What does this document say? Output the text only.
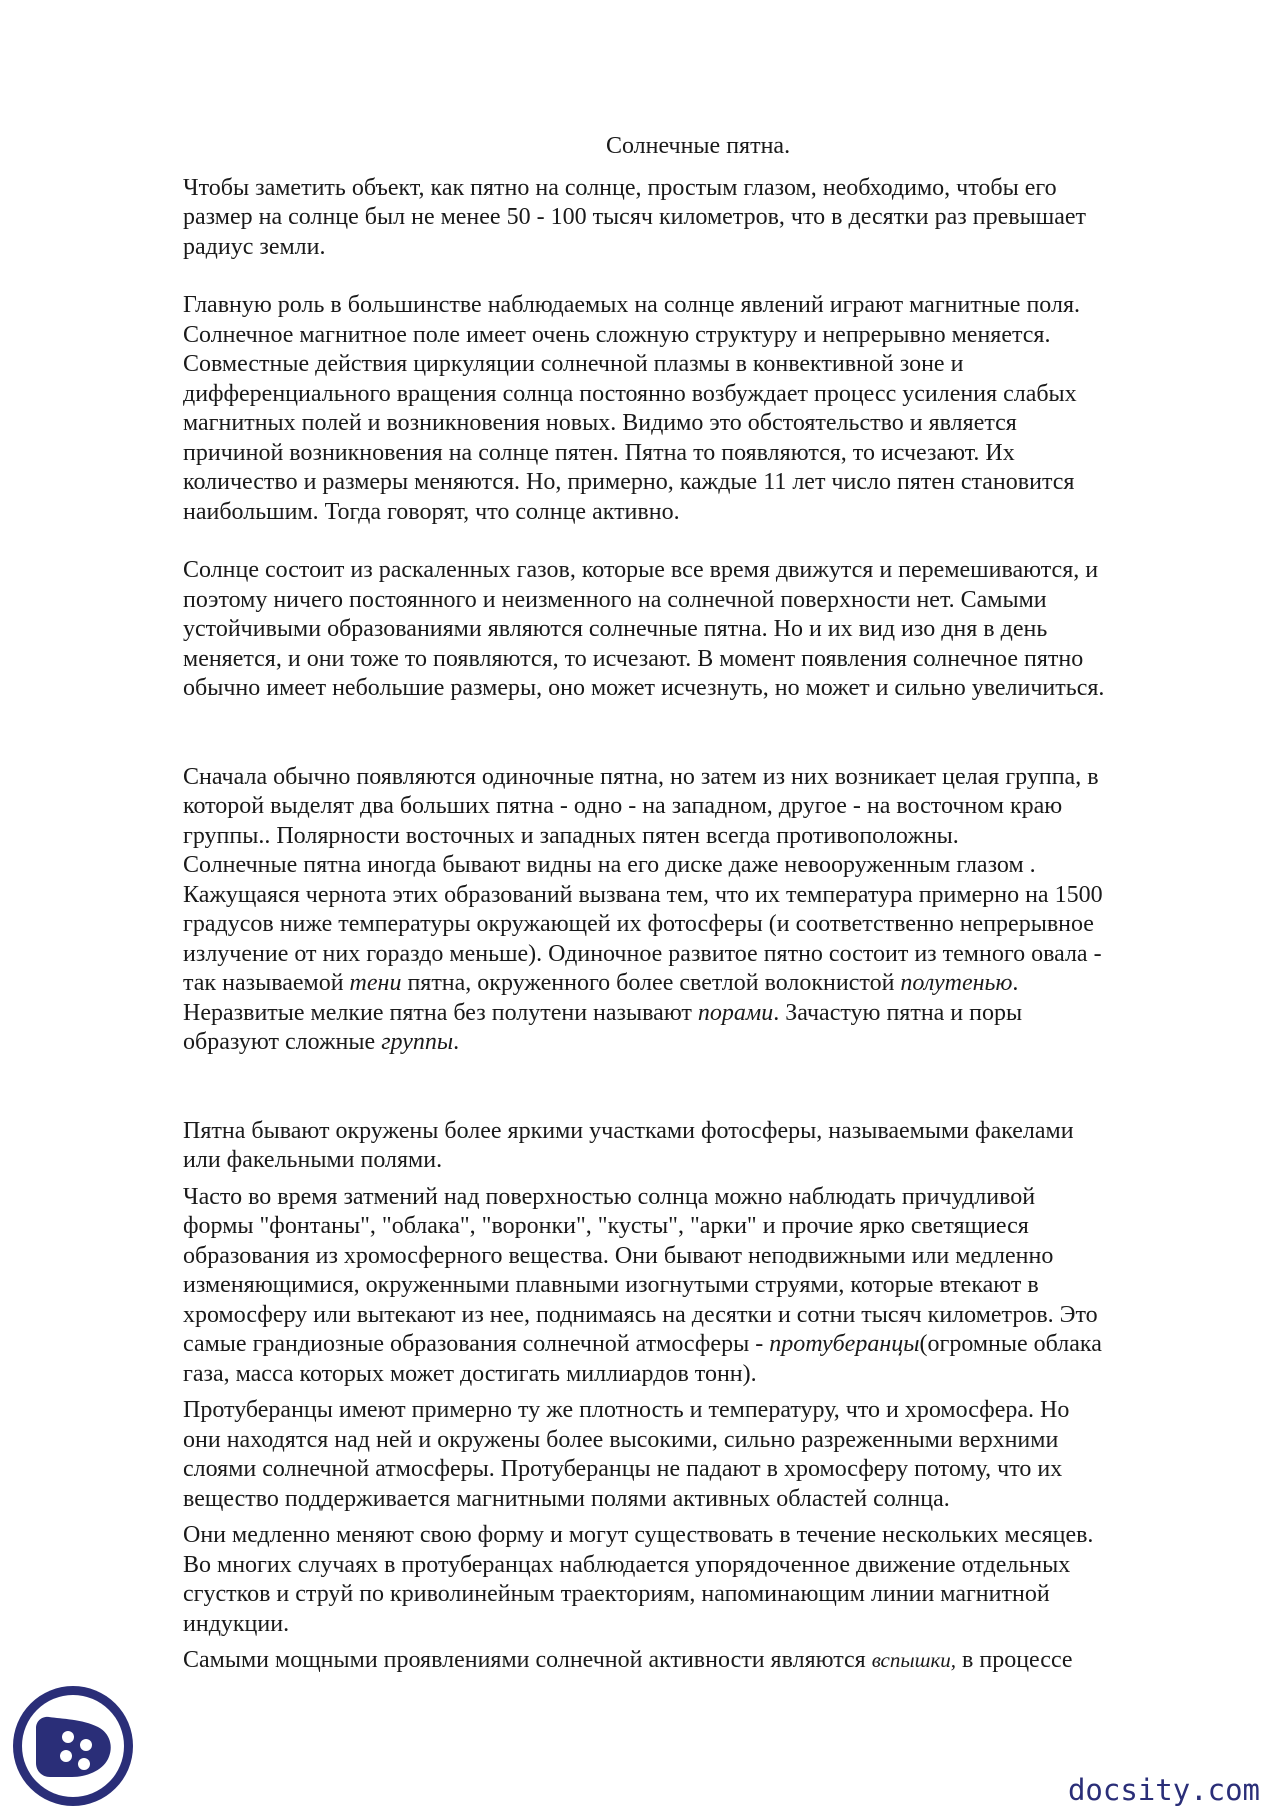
Солнечные пятна.

Чтобы заметить объект, как пятно на солнце, простым глазом, необходимо, чтобы его
размер на солнце был не менее 50 - 100 тысяч километров, что в десятки раз превышает
радиус земли.

Главную роль в большинстве наблюдаемых на солнце явлений играют магнитные поля.
Солнечное магнитное поле имеет очень сложную структуру и непрерывно меняется.
Совместные действия циркуляции солнечной плазмы в конвективной зоне и
дифференциального вращения солнца постоянно возбуждает процесс усиления слабых
магнитных полей и возникновения новых. Видимо это обстоятельство и является
причиной возникновения на солнце пятен. Пятна то появляются, то исчезают. Их
количество и размеры меняются. Но, примерно, каждые 11 лет число пятен становится
наибольшим. Тогда говорят, что солнце активно.

Солнце состоит из раскаленных газов, которые все время движутся и перемешиваются, и
поэтому ничего постоянного и неизменного на солнечной поверхности нет. Самыми
устойчивыми образованиями являются солнечные пятна. Но и их вид изо дня в день
меняется, и они тоже то появляются, то исчезают. В момент появления солнечное пятно
обычно имеет небольшие размеры, оно может исчезнуть, но может и сильно увеличиться.

Сначала обычно появляются одиночные пятна, но затем из них возникает целая группа, в
которой выделят два больших пятна - одно - на западном, другое - на восточном краю
группы.. Полярности восточных и западных пятен всегда противоположны.
Солнечные пятна иногда бывают видны на его диске даже невооруженным глазом .
Кажущаяся чернота этих образований вызвана тем, что их температура примерно на 1500
градусов ниже температуры окружающей их фотосферы (и соответственно непрерывное
излучение от них гораздо меньше). Одиночное развитое пятно состоит из темного овала -
так называемой тени пятна, окруженного более светлой волокнистой полутенью.
Неразвитые мелкие пятна без полутени называют порами. Зачастую пятна и поры
образуют сложные группы.

Пятна бывают окружены более яркими участками фотосферы, называемыми факелами
или факельными полями.

Часто во время затмений над поверхностью солнца можно наблюдать причудливой
формы "фонтаны", "облака", "воронки", "кусты", "арки" и прочие ярко светящиеся
образования из хромосферного вещества. Они бывают неподвижными или медленно
изменяющимися, окруженными плавными изогнутыми струями, которые втекают в
хромосферу или вытекают из нее, поднимаясь на десятки и сотни тысяч километров. Это
самые грандиозные образования солнечной атмосферы - протуберанцы(огромные облака
газа, масса которых может достигать миллиардов тонн).

Протуберанцы имеют примерно ту же плотность и температуру, что и хромосфера. Но
они находятся над ней и окружены более высокими, сильно разреженными верхними
слоями солнечной атмосферы. Протуберанцы не падают в хромосферу потому, что их
вещество поддерживается магнитными полями активных областей солнца.

Они медленно меняют свою форму и могут существовать в течение нескольких месяцев.
Во многих случаях в протуберанцах наблюдается упорядоченное движение отдельных
сгустков и струй по криволинейным траекториям, напоминающим линии магнитной
индукции.

Самыми мощными проявлениями солнечной активности являются вспышки, в процессе

docsity.com
